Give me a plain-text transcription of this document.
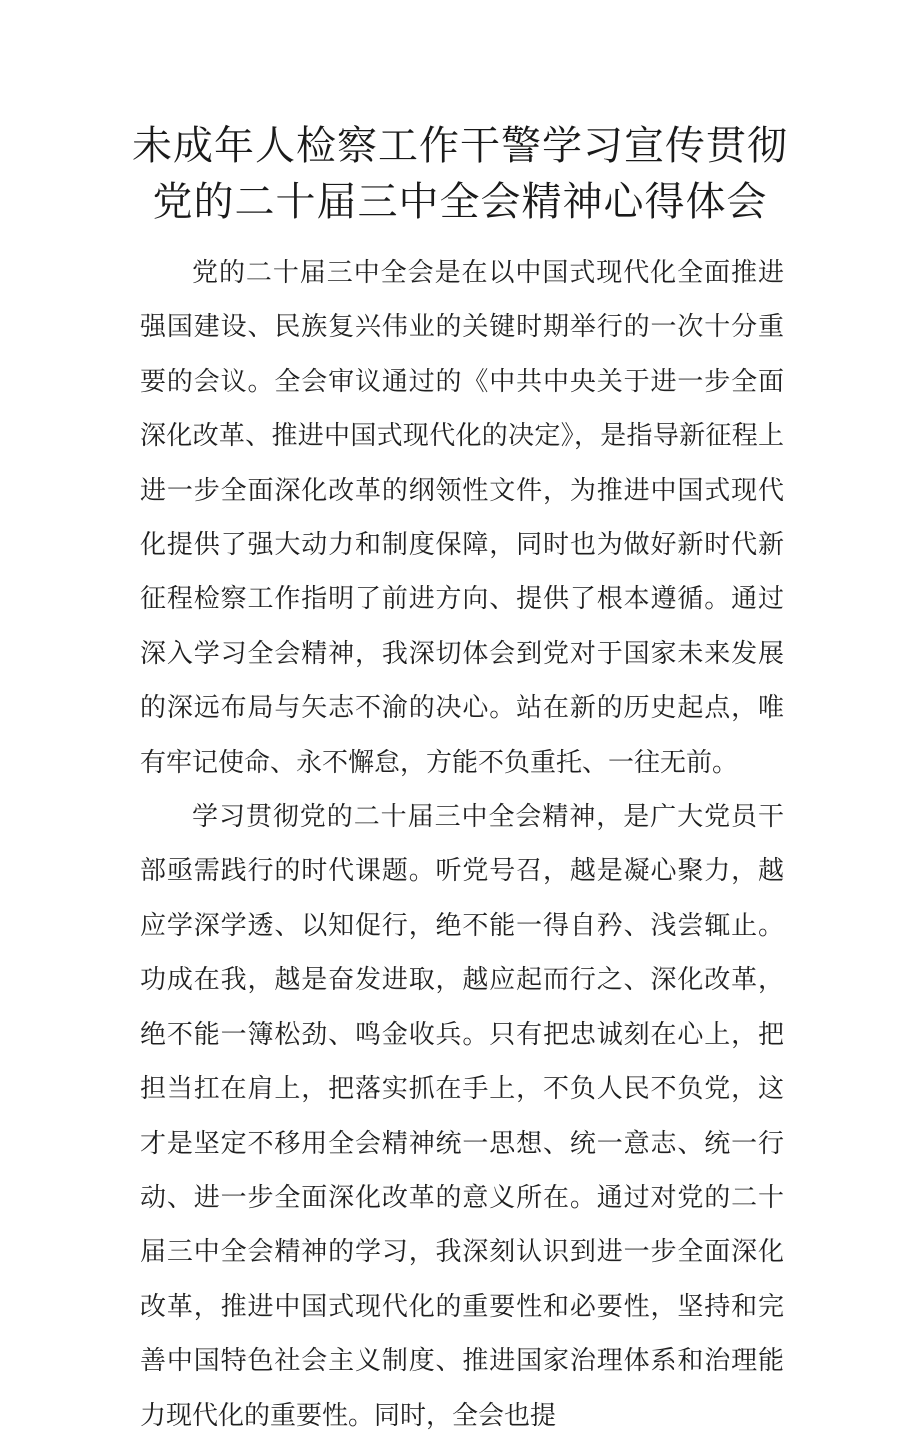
未成年人检察工作干警学习宣传贯彻党的二十届三中全会精神心得体会

党的二十届三中全会是在以中国式现代化全面推进强国建设、民族复兴伟业的关键时期举行的一次十分重要的会议。全会审议通过的《中共中央关于进一步全面深化改革、推进中国式现代化的决定》，是指导新征程上进一步全面深化改革的纲领性文件，为推进中国式现代化提供了强大动力和制度保障，同时也为做好新时代新征程检察工作指明了前进方向、提供了根本遵循。通过深入学习全会精神，我深切体会到党对于国家未来发展的深远布局与矢志不渝的决心。站在新的历史起点，唯有牢记使命、永不懈怠，方能不负重托、一往无前。

学习贯彻党的二十届三中全会精神，是广大党员干部亟需践行的时代课题。听党号召，越是凝心聚力，越应学深学透、以知促行，绝不能一得自矜、浅尝辄止。功成在我，越是奋发进取，越应起而行之、深化改革，绝不能一簿松劲、鸣金收兵。只有把忠诚刻在心上，把担当扛在肩上，把落实抓在手上，不负人民不负党，这才是坚定不移用全会精神统一思想、统一意志、统一行动、进一步全面深化改革的意义所在。通过对党的二十届三中全会精神的学习，我深刻认识到进一步全面深化改革，推进中国式现代化的重要性和必要性，坚持和完善中国特色社会主义制度、推进国家治理体系和治理能力现代化的重要性。同时，全会也提
